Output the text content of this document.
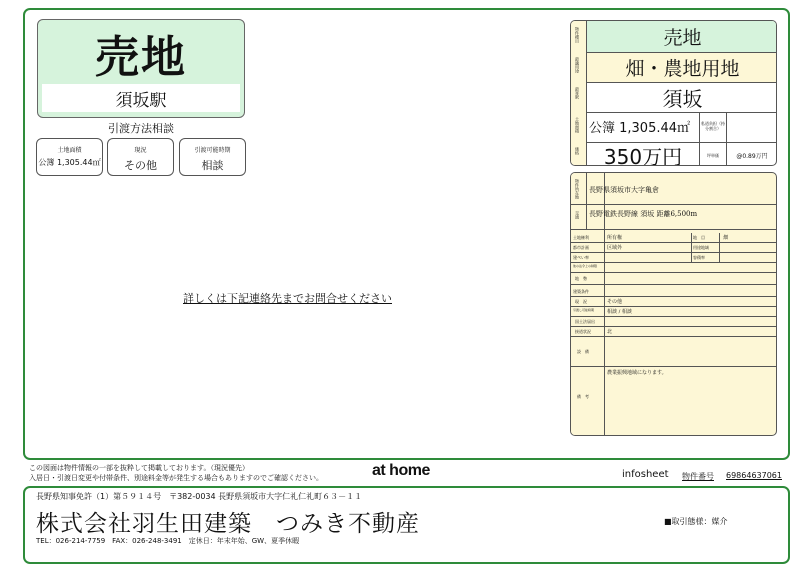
売地
須坂駅
引渡方法相談
土地面積
公簿 1,305.44㎡
現況
その他
引渡可能時期
相談
詳しくは下記連絡先までお問合せください
物件種目	売地
最適用途	畑・農地用地
最寄駅	須坂
土地面積 公簿 1,305.44㎡	私道負担（持分割合）
価格	350万円	坪単価	@0.89万円
物件所在地 長野県須坂市大字亀倉
交通 長野電鉄長野線 須坂 距離6,500m
土地権利	所有権	地　目	畑
都市計画	区域外	用途地域
建ぺい率	容積率
他の法令上の制限
地　勢
建築条件
現　況	その他
引渡し可能時期	相談 / 相談
国土法届出
接道状況	北
設　備
備　考
農業振興地域になります。
この図面は物件情報の一部を抜粋して掲載しております。（現況優先）
入居日・引渡日変更や付帯条件、別途料金等が発生する場合もありますのでご確認ください。	at home	infosheet 物件番号 69864637061
長野県知事免許（1）第５９１４号　〒382-0034 長野県須坂市大字仁礼仁礼町６３－１１
株式会社羽生田建築　つみき不動産
TEL：026-214-7759　FAX：026-248-3491　定休日：年末年始、GW、夏季休暇
■取引態様：媒介
